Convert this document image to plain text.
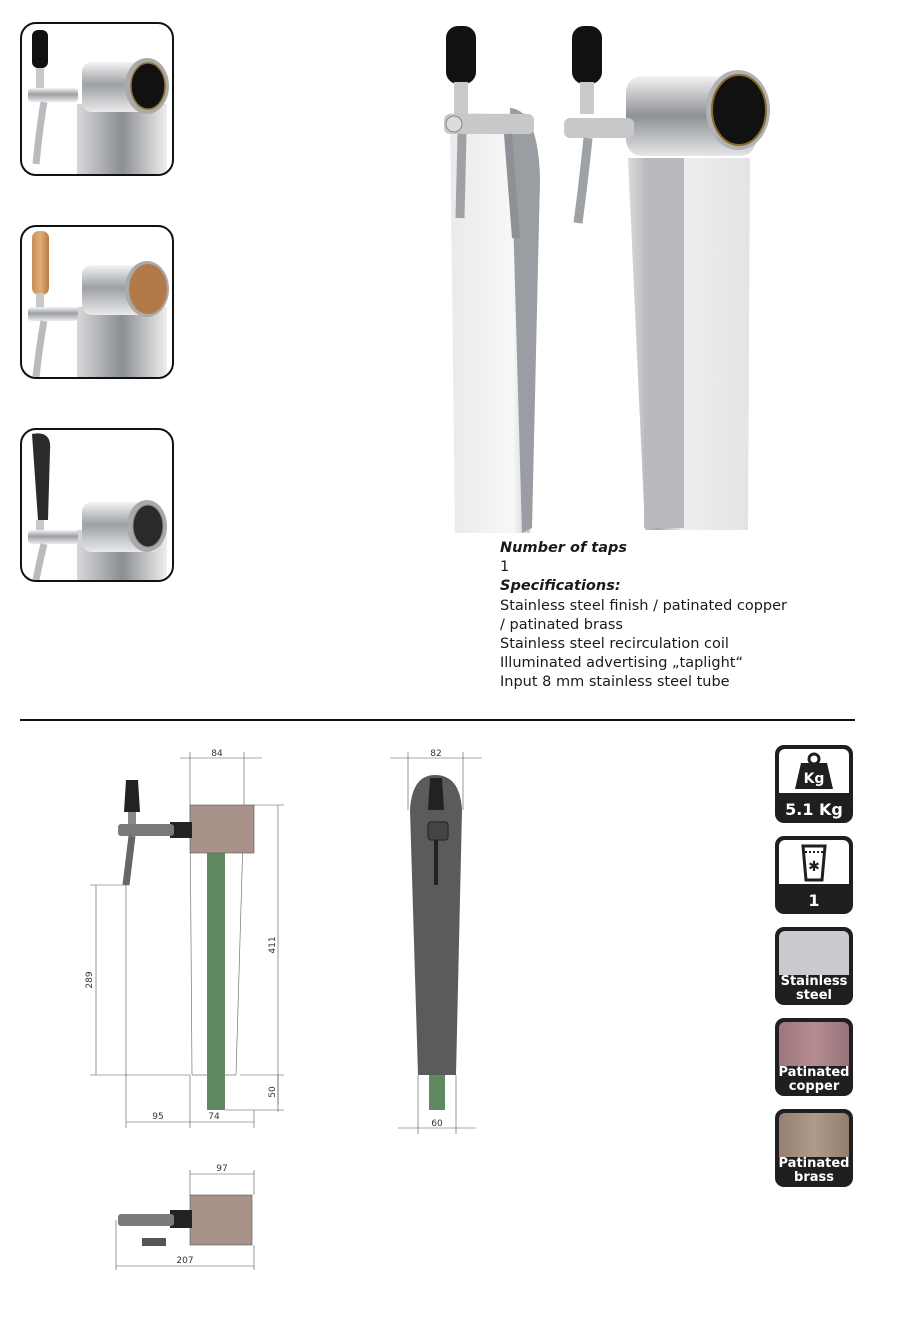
Number of taps
1
Specifications:
Stainless steel finish / patinated copper
/ patinated brass
Stainless steel recirculation coil
Illuminated advertising „taplight“
Input 8 mm stainless steel tube
84
411
289
50
95	74
82
60
97
207
Kg
5.1 Kg
✱
1
Stainless
steel
Patinated
copper
Patinated
brass
